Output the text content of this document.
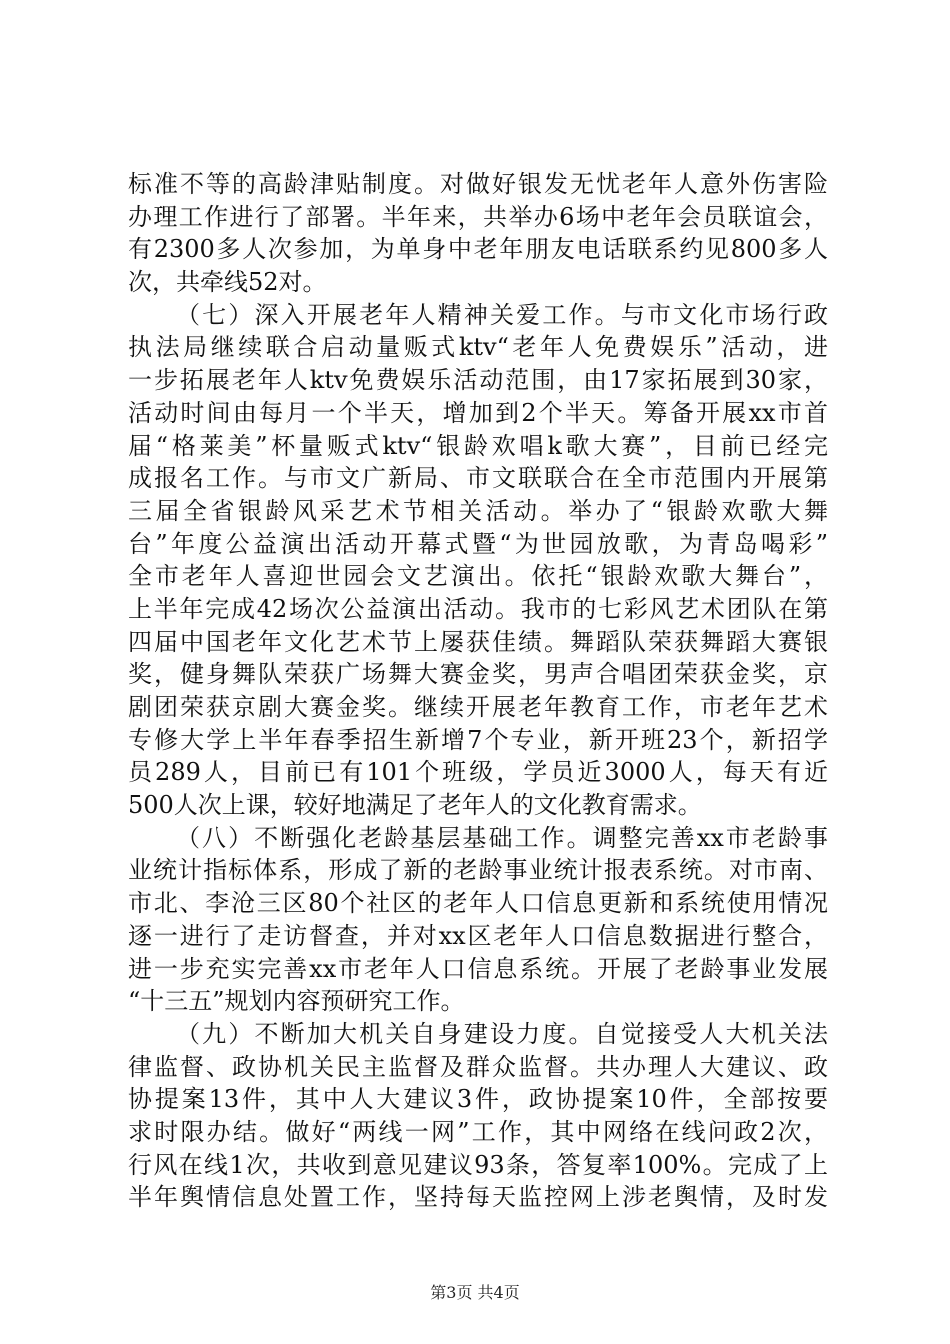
标准不等的高龄津贴制度。对做好银发无忧老年人意外伤害险
办理工作进行了部署。半年来，共举办6场中老年会员联谊会，
有2300多人次参加，为单身中老年朋友电话联系约见800多人
次，共牵线52对。
（七）深入开展老年人精神关爱工作。与市文化市场行政
执法局继续联合启动量贩式ktv“老年人免费娱乐”活动，进
一步拓展老年人ktv免费娱乐活动范围，由17家拓展到30家，
活动时间由每月一个半天，增加到2个半天。筹备开展xx市首
届“格莱美”杯量贩式ktv“银龄欢唱k歌大赛”，目前已经完
成报名工作。与市文广新局、市文联联合在全市范围内开展第
三届全省银龄风采艺术节相关活动。举办了“银龄欢歌大舞
台”年度公益演出活动开幕式暨“为世园放歌，为青岛喝彩”
全市老年人喜迎世园会文艺演出。依托“银龄欢歌大舞台”，
上半年完成42场次公益演出活动。我市的七彩风艺术团队在第
四届中国老年文化艺术节上屡获佳绩。舞蹈队荣获舞蹈大赛银
奖，健身舞队荣获广场舞大赛金奖，男声合唱团荣获金奖，京
剧团荣获京剧大赛金奖。继续开展老年教育工作，市老年艺术
专修大学上半年春季招生新增7个专业，新开班23个，新招学
员289人，目前已有101个班级，学员近3000人，每天有近
500人次上课，较好地满足了老年人的文化教育需求。
（八）不断强化老龄基层基础工作。调整完善xx市老龄事
业统计指标体系，形成了新的老龄事业统计报表系统。对市南、
市北、李沧三区80个社区的老年人口信息更新和系统使用情况
逐一进行了走访督查，并对xx区老年人口信息数据进行整合，
进一步充实完善xx市老年人口信息系统。开展了老龄事业发展
“十三五”规划内容预研究工作。
（九）不断加大机关自身建设力度。自觉接受人大机关法
律监督、政协机关民主监督及群众监督。共办理人大建议、政
协提案13件，其中人大建议3件，政协提案10件，全部按要
求时限办结。做好“两线一网”工作，其中网络在线问政2次，
行风在线1次，共收到意见建议93条，答复率100%。完成了上
半年舆情信息处置工作，坚持每天监控网上涉老舆情，及时发
第3页 共4页
